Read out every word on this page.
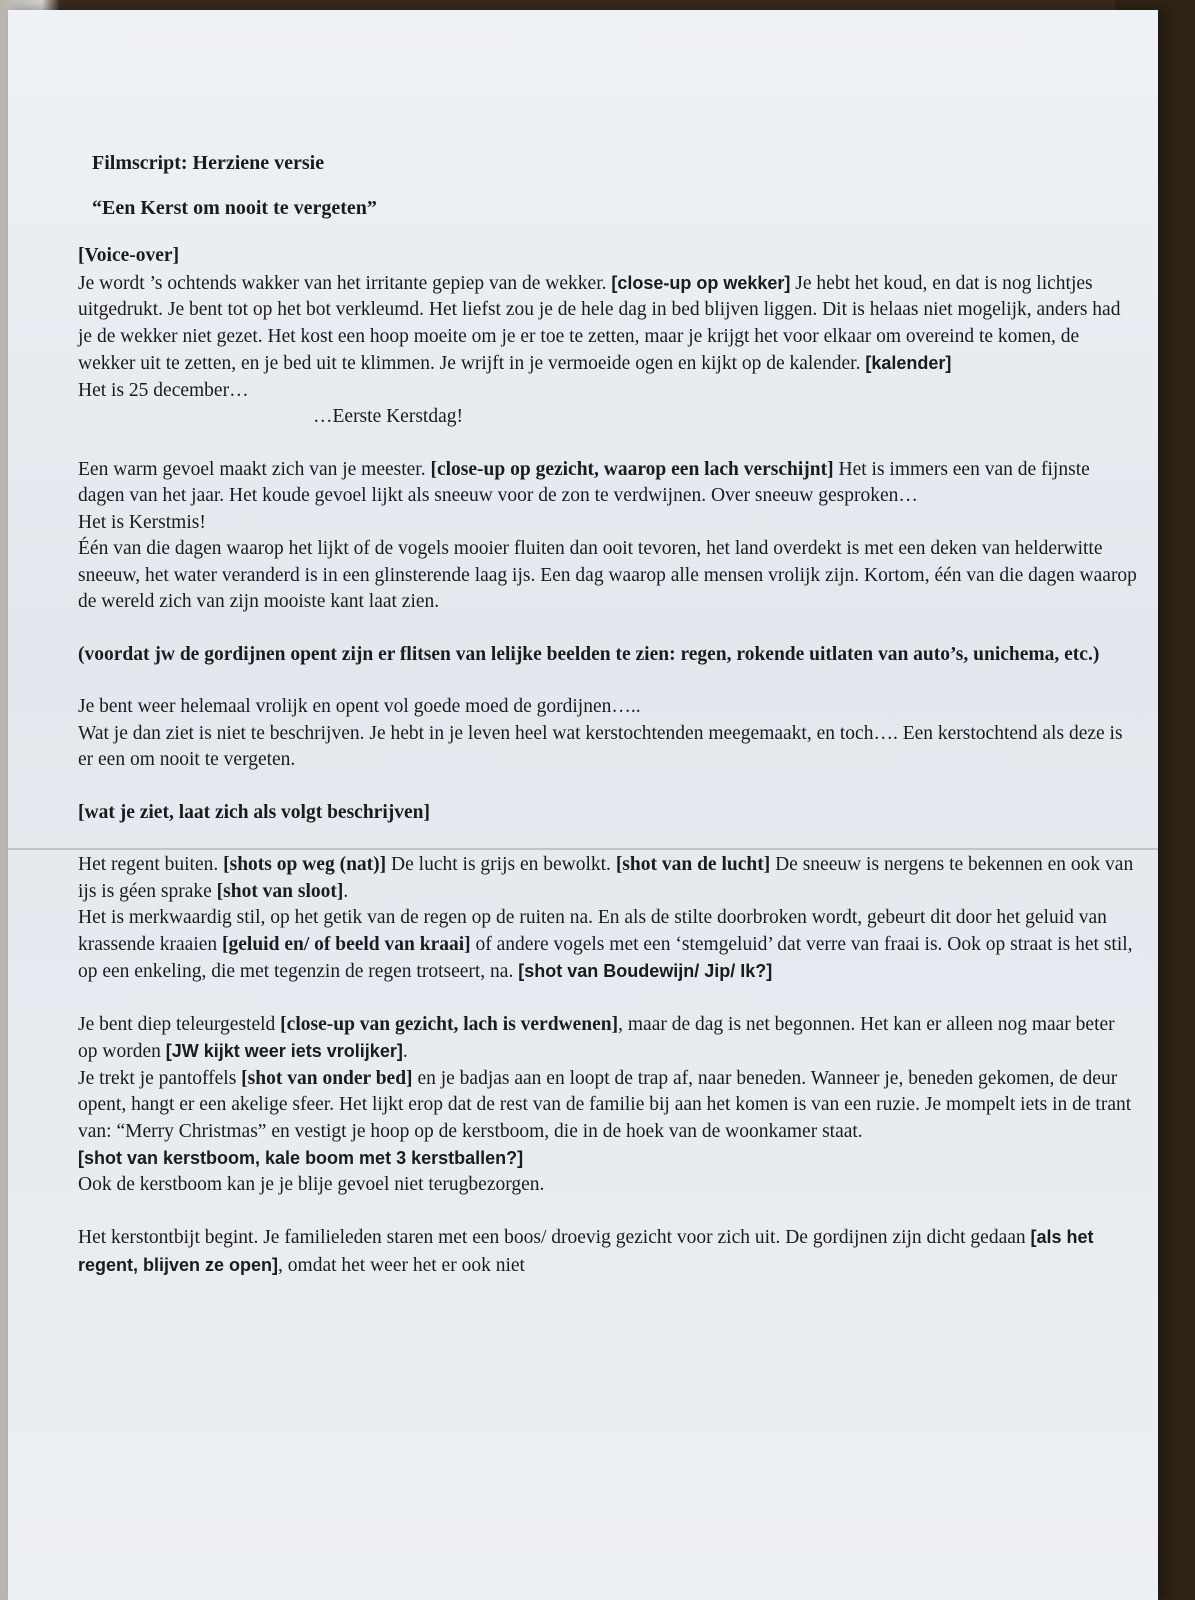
Filmscript: Herziene versie
“Een Kerst om nooit te vergeten”

[Voice-over]
Je wordt ’s ochtends wakker van het irritante gepiep van de wekker. [close-up op wekker] Je hebt het koud, en dat is nog lichtjes uitgedrukt. Je bent tot op het bot verkleumd. Het liefst zou je de hele dag in bed blijven liggen. Dit is helaas niet mogelijk, anders had je de wekker niet gezet. Het kost een hoop moeite om je er toe te zetten, maar je krijgt het voor elkaar om overeind te komen, de wekker uit te zetten, en je bed uit te klimmen. Je wrijft in je vermoeide ogen en kijkt op de kalender. [kalender]
Het is 25 december…
…Eerste Kerstdag!

Een warm gevoel maakt zich van je meester. [close-up op gezicht, waarop een lach verschijnt] Het is immers een van de fijnste dagen van het jaar. Het koude gevoel lijkt als sneeuw voor de zon te verdwijnen. Over sneeuw gesproken…
Het is Kerstmis!
Één van die dagen waarop het lijkt of de vogels mooier fluiten dan ooit tevoren, het land overdekt is met een deken van helderwitte sneeuw, het water veranderd is in een glinsterende laag ijs. Een dag waarop alle mensen vrolijk zijn. Kortom, één van die dagen waarop de wereld zich van zijn mooiste kant laat zien.

(voordat jw de gordijnen opent zijn er flitsen van lelijke beelden te zien: regen, rokende uitlaten van auto’s, unichema, etc.)

Je bent weer helemaal vrolijk en opent vol goede moed de gordijnen…..
Wat je dan ziet is niet te beschrijven. Je hebt in je leven heel wat kerstochtenden meegemaakt, en toch…. Een kerstochtend als deze is er een om nooit te vergeten.

[wat je ziet, laat zich als volgt beschrijven]

Het regent buiten. [shots op weg (nat)] De lucht is grijs en bewolkt. [shot van de lucht] De sneeuw is nergens te bekennen en ook van ijs is géen sprake [shot van sloot].
Het is merkwaardig stil, op het getik van de regen op de ruiten na. En als de stilte doorbroken wordt, gebeurt dit door het geluid van krassende kraaien [geluid en/ of beeld van kraai] of andere vogels met een ‘stemgeluid’ dat verre van fraai is. Ook op straat is het stil, op een enkeling, die met tegenzin de regen trotseert, na. [shot van Boudewijn/ Jip/ Ik?]

Je bent diep teleurgesteld [close-up van gezicht, lach is verdwenen], maar de dag is net begonnen. Het kan er alleen nog maar beter op worden [JW kijkt weer iets vrolijker].
Je trekt je pantoffels [shot van onder bed] en je badjas aan en loopt de trap af, naar beneden. Wanneer je, beneden gekomen, de deur opent, hangt er een akelige sfeer. Het lijkt erop dat de rest van de familie bij aan het komen is van een ruzie. Je mompelt iets in de trant van: “Merry Christmas” en vestigt je hoop op de kerstboom, die in de hoek van de woonkamer staat.
[shot van kerstboom, kale boom met 3 kerstballen?]
Ook de kerstboom kan je je blije gevoel niet terugbezorgen.

Het kerstontbijt begint. Je familieleden staren met een boos/ droevig gezicht voor zich uit. De gordijnen zijn dicht gedaan [als het regent, blijven ze open], omdat het weer het er ook niet
